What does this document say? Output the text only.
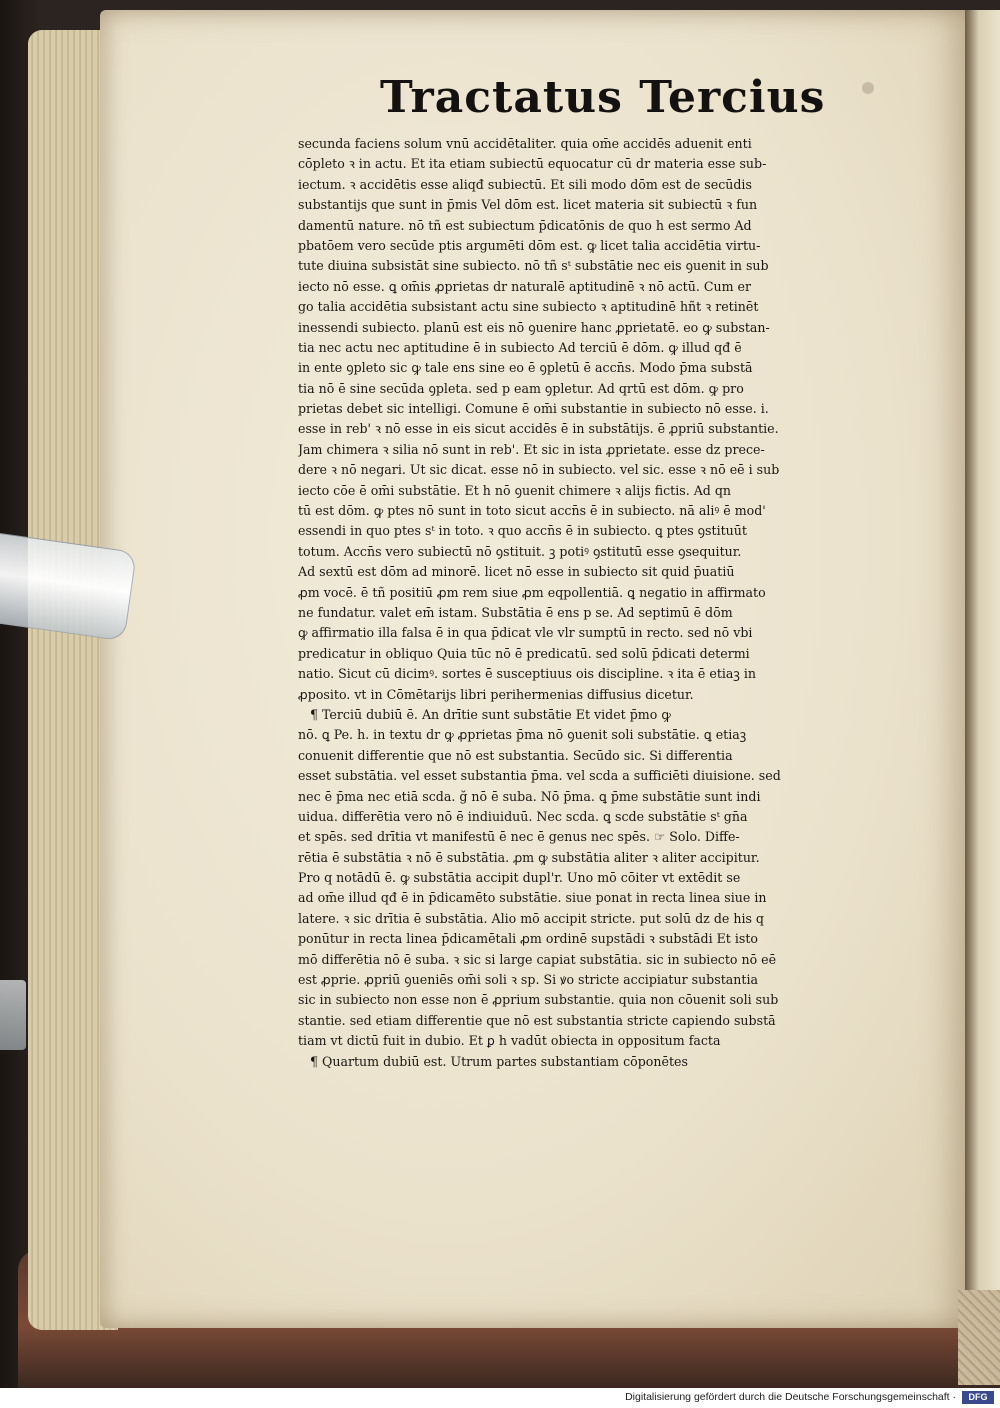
Tractatus Tercius
secunda faciens solum vnū accidētaliter. quia om̄e accidēs aduenit enti
cōpleto ꝛ in actu. Et ita etiam subiectū equocatur cū dr materia esse sub-
iectum. ꝛ accidētis esse aliqđ subiectū. Et sili modo dōm est de secūdis
substantijs que sunt in p̄mis Vel dōm est. licet materia sit subiectū ꝛ fun
damentū nature. nō tñ est subiectum p̄dicatōnis de quo h est sermo Ad
pbatōem vero secūde ptis argumēti dōm est. ꝙ licet talia accidētia virtu-
tute diuina subsistāt sine subiecto. nō tñ sᵗ substātie nec eis ꝯuenit in sub
iecto nō esse. ꝗ om̄is ꝓprietas dr naturalē aptitudinē ꝛ nō actū. Cum er
go talia accidētia subsistant actu sine subiecto ꝛ aptitudinē hñt ꝛ retinēt
inessendi subiecto. planū est eis nō ꝯuenire hanc ꝓprietatē. eo ꝙ substan-
tia nec actu nec aptitudine ē in subiecto Ad terciū ē dōm. ꝙ illud qđ ē
in ente ꝯpleto sic ꝙ tale ens sine eo ē ꝯpletū ē accn̄s. Modo p̄ma substā
tia nō ē sine secūda ꝯpleta. sed p eam ꝯpletur. Ad qrtū est dōm. ꝙ pro
prietas debet sic intelligi. Comune ē om̄i substantie in subiecto nō esse. i.
esse in reb' ꝛ nō esse in eis sicut accidēs ē in substātijs. ē ꝓpriū substantie.
Jam chimera ꝛ silia nō sunt in reb'. Et sic in ista ꝓprietate. esse dz prece-
dere ꝛ nō negari. Ut sic dicat. esse nō in subiecto. vel sic. esse ꝛ nō eē i sub
iecto cōe ē om̄i substātie. Et h nō ꝯuenit chimere ꝛ alijs fictis. Ad qn
tū est dōm. ꝙ ptes nō sunt in toto sicut accn̄s ē in subiecto. nā aliꝰ ē mod'
essendi in quo ptes sᵗ in toto. ꝛ quo accn̄s ē in subiecto. ꝗ ptes ꝯstituūt
totum. Accn̄s vero subiectū nō ꝯstituit. ꝫ potiꝰ ꝯstitutū esse ꝯsequitur.
Ad sextū est dōm ad minorē. licet nō esse in subiecto sit quid p̄uatiū
ꝓm vocē. ē tñ positiū ꝓm rem siue ꝓm eqpollentiā. ꝗ negatio in affirmato
ne fundatur. valet em̄ istam. Substātia ē ens p se. Ad septimū ē dōm
ꝙ affirmatio illa falsa ē in qua p̄dicat vle vlr sumptū in recto. sed nō vbi
predicatur in obliquo Quia tūc nō ē predicatū. sed solū p̄dicati determi
natio. Sicut cū dicimꝰ. sortes ē susceptiuus ois discipline. ꝛ ita ē etiaꝫ in
ꝓposito. vt in Cōmētarijs libri perihermenias diffusius dicetur.
¶ Terciū dubiū ē. An drītie sunt substātie Et videt p̄mo ꝙ
nō. ꝗ Pe. h. in textu dr ꝙ ꝓprietas p̄ma nō ꝯuenit soli substātie. ꝗ etiaꝫ
conuenit differentie que nō est substantia. Secūdo sic. Si differentia
esset substātia. vel esset substantia p̄ma. vel scda a sufficiēti diuisione. sed
nec ē p̄ma nec etiā scda. ğ nō ē suba. Nō p̄ma. ꝗ p̄me substātie sunt indi
uidua. differētia vero nō ē indiuiduū. Nec scda. ꝗ scde substātie sᵗ gn̄a
et spēs. sed drītia vt manifestū ē nec ē genus nec spēs. ☞ Solo. Diffe-
rētia ē substātia ꝛ nō ē substātia. ꝓm ꝙ substātia aliter ꝛ aliter accipitur.
Pro q notādū ē. ꝙ substātia accipit dupl'r. Uno mō cōiter vt extēdit se
ad om̄e illud qđ ē in p̄dicamēto substātie. siue ponat in recta linea siue in
latere. ꝛ sic drītia ē substātia. Alio mō accipit stricte. put solū dz de his q
ponūtur in recta linea p̄dicamētali ꝓm ordinē supstādi ꝛ substādi Et isto
mō differētia nō ē suba. ꝛ sic si large capiat substātia. sic in subiecto nō eē
est ꝓprie. ꝓpriū ꝯueniēs om̄i soli ꝛ sp. Si ꝟo stricte accipiatur substantia
sic in subiecto non esse non ē ꝓprium substantie. quia non cōuenit soli sub
stantie. sed etiam differentie que nō est substantia stricte capiendo substā
tiam vt dictū fuit in dubio. Et ꝑ h vadūt obiecta in oppositum facta
¶ Quartum dubiū est. Utrum partes substantiam cōponētes
Digitalisierung gefördert durch die Deutsche Forschungsgemeinschaft ·	DFG
